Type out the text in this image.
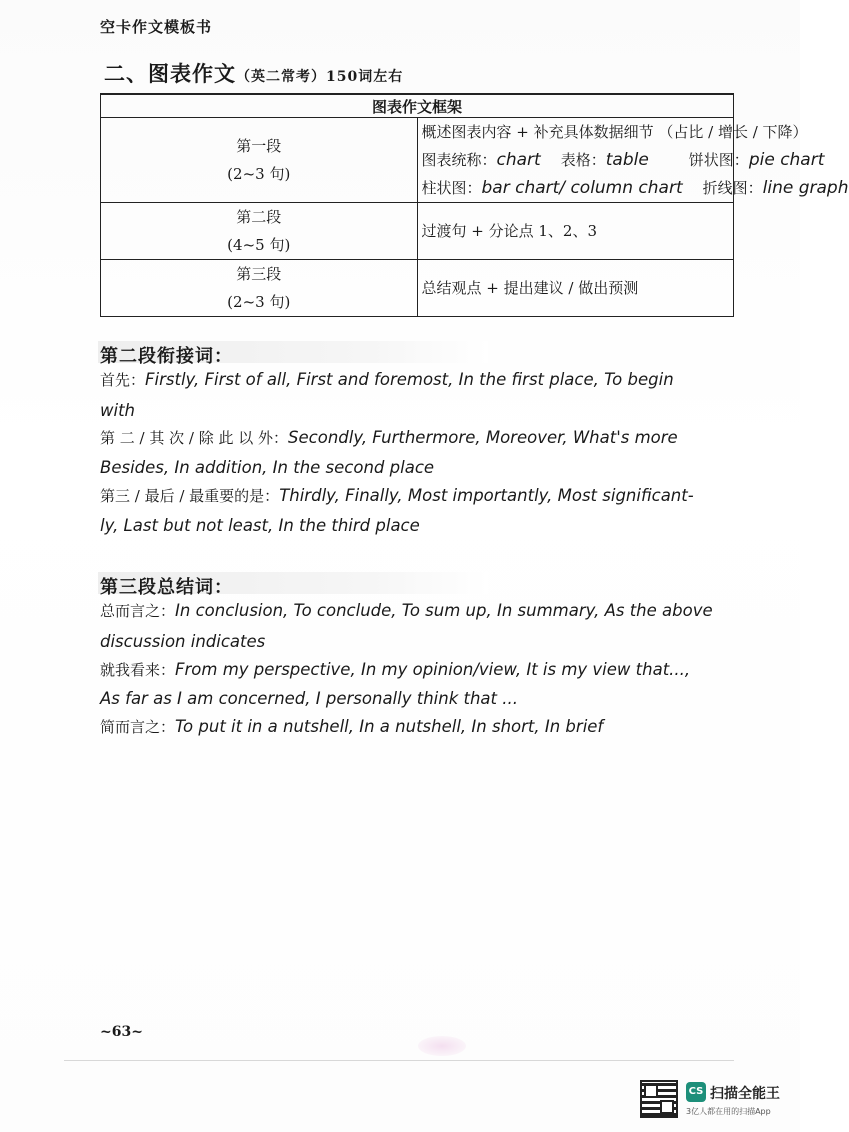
空卡作文模板书
二、图表作文（英二常考）150词左右
图表作文框架	

第一段
(2~3 句)	概述图表内容 + 补充具体数据细节 （占比 / 增长 / 下降）
图表统称：chart 表格：table 饼状图：pie chart
柱状图：bar chart/ column chart 折线图：line graph

第二段
(4~5 句)	过渡句 + 分论点 1、2、3

第三段
(2~3 句)	总结观点 + 提出建议 / 做出预测
第二段衔接词：
首先：Firstly, First of all, First and foremost, In the first place, To begin
with
第 二 / 其 次 / 除 此 以 外：Secondly, Furthermore, Moreover, What's more
Besides, In addition, In the second place
第三 / 最后 / 最重要的是：Thirdly, Finally, Most importantly, Most significant-
ly, Last but not least, In the third place
第三段总结词：
总而言之：In conclusion, To conclude, To sum up, In summary, As the above
discussion indicates
就我看来：From my perspective, In my opinion/view, It is my view that...,
As far as I am concerned, I personally think that ...
简而言之：To put it in a nutshell, In a nutshell, In short, In brief
~63~
CS 扫描全能王
3亿人都在用的扫描App
